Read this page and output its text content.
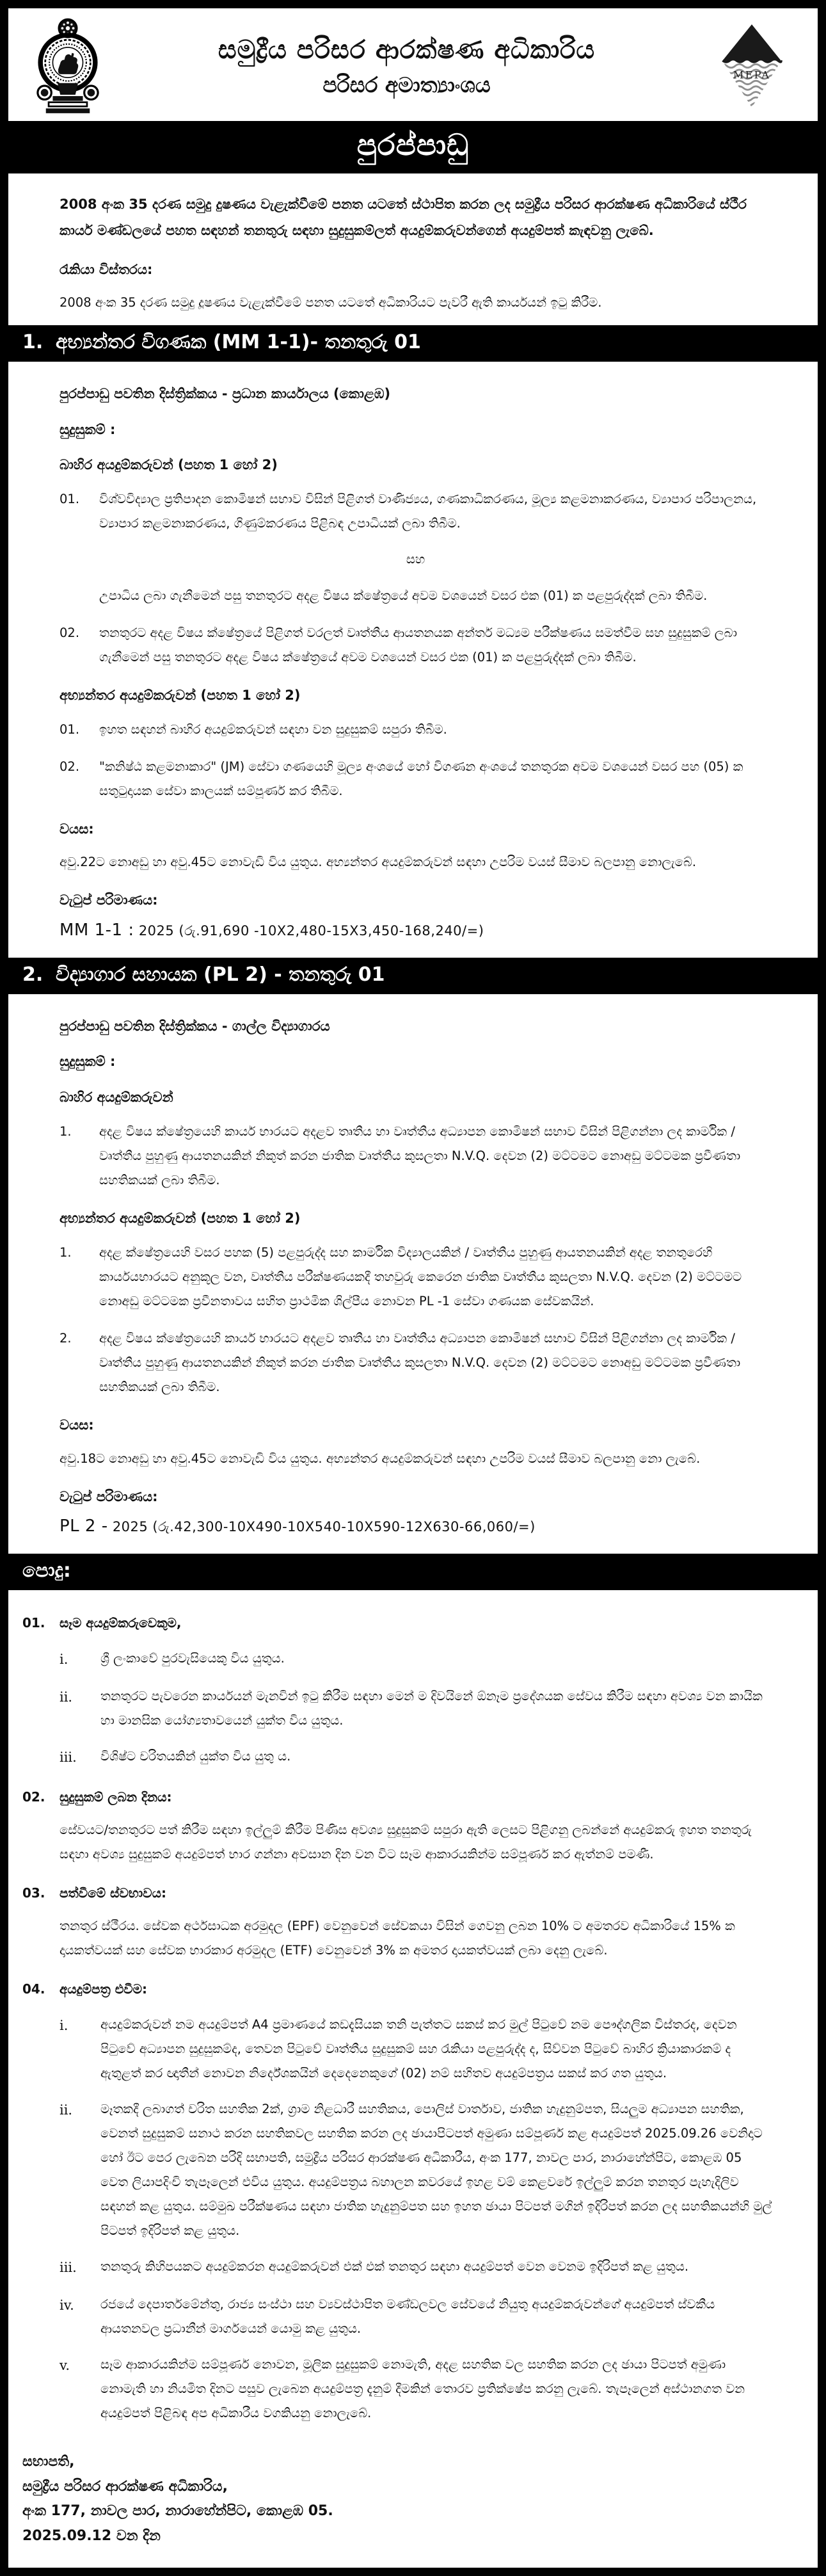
සමුද්‍රීය පරිසර ආරක්ෂණ අධිකාරිය
පරිසර අමාත්‍යාංශය	MEPA
පුරප්පාඩු

2008 අංක 35 දරණ සමුදු දුෂණය වැළැක්වීමේ පනත යටතේ ස්ථාපිත කරන ලද සමුද්‍රීය පරිසර ආරක්ෂණ අධිකාරියේ ස්ථීර කාර්ය මණ්ඩලයේ පහත සඳහන් තනතුරු සඳහා සුදුසුකම්ලත් අයදුම්කරුවන්ගෙන් අයදුම්පත් කැඳවනු ලැබේ.

රැකියා විස්තරය:

2008 අංක 35 දරණ සමුදු දූෂණය වැළැක්වීමේ පනත යටතේ අධිකාරියට පැවරී ඇති කාර්යයන් ඉටු කිරීම.

1. අභ්‍යන්තර විගණක (MM 1-1)- තනතුරු 01

පුරප්පාඩු පවතින දිස්ත්‍රික්කය - ප්‍රධාන කාර්යාලය (කොළඹ)

සුදුසුකම් :

බාහිර අයදුම්කරුවන් (පහත 1 හෝ 2)

01.	විශ්වවිද්‍යාල ප්‍රතිපාදන කොමිෂන් සභාව විසින් පිළිගත් වාණිජ්‍යය, ගණකාධිකරණය, මූල්‍ය කළමනාකරණය, ව්‍යාපාර පරිපාලනය, ව්‍යාපාර කළමනාකරණය, ගිණුම්කරණය පිළිබඳ උපාධියක් ලබා තිබීම.

සහ

උපාධිය ලබා ගැනීමෙන් පසු තනතුරට අදළ විෂය ක්ෂේත්‍රයේ අවම වශයෙන් වසර එක (01) ක පළපුරුද්දක් ලබා තිබීම.

02.	තනතුරට අදළ විෂය ක්ෂේත්‍රයේ පිළිගත් වරලත් වෘත්තීය ආයතනයක අන්තර් මධ්‍යම පරීක්ෂණය සමත්වීම සහ සුදුසුකම් ලබා ගැනීමෙන් පසු තනතුරට අදළ විෂය ක්ෂේත්‍රයේ අවම වශයෙන් වසර එක (01) ක පළපුරුද්දක් ලබා තිබීම.

අභ්‍යන්තර අයදුම්කරුවන් (පහත 1 හෝ 2)

01.	ඉහත සඳහන් බාහිර අයදුම්කරුවන් සඳහා වන සුදුසුකම් සපුරා තිබීම.
02.	"කනිෂ්ඨ කළමනාකාර" (JM) සේවා ගණයෙහි මූල්‍ය අංශයේ හෝ විගණන අංශයේ තනතුරක අවම වශයෙන් වසර පහ (05) ක සතුටුදායක සේවා කාලයක් සම්පූර්ණ කර තිබීම.

වයස:

අවු.22ට නොඅඩු හා අවු.45ට නොවැඩි විය යුතුය. අභ්‍යන්තර අයදුම්කරුවන් සඳහා උපරිම වයස් සීමාව බලපානු නොලැබේ.

වැටුප් පරිමාණය:

MM 1-1 : 2025 (රු.91,690 -10X2,480-15X3,450-168,240/=)

2. විද්‍යාගාර සහායක (PL 2) - තනතුරු 01

පුරප්පාඩු පවතින දිස්ත්‍රික්කය - ගාල්ල විද්‍යාගාරය

සුදුසුකම් :

බාහිර අයදුම්කරුවන්

1.	අදළ විෂය ක්ෂේත්‍රයෙහි කාර්ය භාරයට අදළව තෘතීය හා වෘත්තීය අධ්‍යාපන කොමිෂන් සභාව විසින් පිළිගන්නා ලද කාර්මික / වෘත්තීය පුහුණු ආයතනයකින් නිකුත් කරන ජාතික වෘත්තීය කුසලතා N.V.Q. දෙවන (2) මට්ටමට නොඅඩු මට්ටමක ප්‍රවීණතා සහතිකයක් ලබා තිබීම.

අභ්‍යන්තර අයදුම්කරුවන් (පහත 1 හෝ 2)

1.	අදළ ක්ෂේත්‍රයෙහි වසර පහක (5) පළපුරුද්ද සහ කාර්මික විද්‍යාලයකින් / වෘත්තීය පුහුණු ආයතනයකින් අදළ තනතුරෙහි කාර්යයභාරයට අනුකූල වන, වෘත්තීය පරීක්ෂණයකදී තහවුරු කෙරෙන ජාතික වෘත්තීය කුසලතා N.V.Q. දෙවන (2) මට්ටමට නොඅඩු මට්ටමක ප්‍රවීනතාවය සහිත ප්‍රාථමික ශිල්පීය නොවන PL -1 සේවා ගණයක සේවකයින්.
2.	අදළ විෂය ක්ෂේත්‍රයෙහි කාර්ය භාරයට අදළව තෘතීය හා වෘත්තීය අධ්‍යාපන කොමිෂන් සභාව විසින් පිළිගන්නා ලද කාර්මික / වෘත්තීය පුහුණු ආයතනයකින් නිකුත් කරන ජාතික වෘත්තීය කුසලතා N.V.Q. දෙවන (2) මට්ටමට නොඅඩු මට්ටමක ප්‍රවීණතා සහතිකයක් ලබා තිබීම.

වයස:

අවු.18ට නොඅඩු හා අවු.45ට නොවැඩි විය යුතුය. අභ්‍යන්තර අයදුම්කරුවන් සඳහා උපරිම වයස් සීමාව බලපානු නො ලැබේ.

වැටුප් පරිමාණය:

PL 2 - 2025 (රු.42,300-10X490-10X540-10X590-12X630-66,060/=)

පොදු:
01.	සෑම අයදුම්කරුවෙකුම,
i.	ශ්‍රී ලංකාවේ පුරවැසියෙකු විය යුතුය.
ii.	තනතුරට පැවරෙන කාර්යයන් මැනවින් ඉටු කිරීම සඳහා මෙන් ම දිවයිනේ ඕනෑම ප්‍රදේශයක සේවය කිරීම සඳහා අවශ්‍ය වන කායික හා මානසික යෝග්‍යතාවයෙන් යුක්ත විය යුතුය.
iii.	විශිෂ්ට චරිතයකින් යුක්ත විය යුතු ය.
02.	සුදුසුකම් ලබන දිනය:

සේවයට/තනතුරට පත් කිරීම සඳහා ඉල්ලුම් කිරීම පිණිස අවශ්‍ය සුදුසුකම් සපුරා ඇති ලෙසට පිළිගනු ලබන්නේ අයදුම්කරු ඉහත තනතුරු සඳහා අවශ්‍ය සුදුසුකම් අයදුම්පත් භාර ගන්නා අවසාන දින වන විට සෑම ආකාරයකින්ම සම්පූර්ණ කර ඇත්නම් පමණී.

03.	පත්වීමේ ස්වභාවය:

තනතුර ස්ථීරය. සේවක අර්ථසාධක අරමුදල (EPF) වෙනුවෙන් සේවකයා විසින් ගෙවනු ලබන 10% ට අමතරව අධිකාරියේ 15% ක දායකත්වයක් සහ සේවක භාරකාර අරමුදල (ETF) වෙනුවෙන් 3% ක අමතර දායකත්වයක් ලබා දෙනු ලැබේ.

04.	අයදුම්පත්‍ර එවීම:
i.	අයදුම්කරුවන් නම අයදුම්පත් A4 ප්‍රමාණයේ කඩදැසියක තනි පැත්තට සකස් කර මුල් පිටුවේ නම පෞද්ගලික විස්තරද, දෙවන පිටුවේ අධ්‍යාපන සුදුසුකම්ද, තෙවන පිටුවේ වෘත්තීය සුදුසුකම් සහ රැකියා පළපුරුද්ද ද, සිව්වන පිටුවේ බාහිර ක්‍රියාකාරකම් ද ඇතුළත් කර ඥාතීන් නොවන නිර්දේශකයින් දෙදෙනෙකුගේ (02) නම් සහිතව අයදුම්පත්‍රය සකස් කර ගත යුතුය.
ii.	මෑතකදී ලබාගත් චරිත සහතික 2ක්, ග්‍රාම නිළධාරී සහතිකය, පොලිස් වාර්තාව, ජාතික හැදුනුම්පත, සියලුම අධ්‍යාපන සහතික, වෙනත් සුදුසුකම් සනාථ කරන සහතිකවල සහතික කරන ලද ඡායාපිටපත් අමුණා සම්පූර්ණ කළ අයදුම්පත් 2025.09.26 වෙනිදාට හෝ ඊට පෙර ලැබෙන පරිදි සභාපති, සමුද්‍රීය පරිසර ආරක්ෂණ අධිකාරීය, අංක 177, නාවල පාර, නාරාහේන්පිට, කොළඹ 05 වෙත ලියාපදිංචි තැපෑලෙන් එවිය යුතුය. අයදුම්පත්‍රය බහාලන කවරයේ ඉහළ වම් කෙළවරේ ඉල්ලුම් කරන තනතුර පැහැදිලිව සඳහන් කළ යුතුය. සම්මුඛ පරීක්ෂණය සඳහා ජාතික හැදුනුම්පත සහ ඉහත ඡායා පිටපත් මගින් ඉදිරිපත් කරන ලද සහතිකයන්හි මුල් පිටපත් ඉදිරිපත් කළ යුතුය.
iii.	තනතුරු කිහිපයකට අයදුම්කරන අයදුම්කරුවන් එක් එක් තනතුර සඳහා අයදුම්පත් වෙන වෙනම ඉදිරිපත් කළ යුතුය.
iv.	රජයේ දෙපාර්තමේන්තු, රාජ්‍ය සංස්ථා සහ ව්‍යවස්ථාපිත මණ්ඩලවල සේවයේ නියුතු අයදුම්කරුවන්ගේ අයදුම්පත් ස්වකීය ආයතනවල ප්‍රධානීන් මාර්ගයෙන් යොමු කළ යුතුය.
v.	සෑම ආකාරයකින්ම සම්පූර්ණ නොවන, මූලික සුදුසුකම් නොමැති, අදළ සහතික වල සහතික කරන ලද ඡායා පිටපත් අමුණා නොමැති හා නියමිත දිනට පසුව ලැබෙන අයදුම්පත්‍ර දැනුම් දීමකින් තොරව ප්‍රතික්ෂේප කරනු ලැබේ. තැපෑලෙන් අස්ථානගත වන අයදුම්පත් පිළිබඳ අප අධිකාරීය වගකියනු නොලැබේ.
සභාපති,
සමුද්‍රීය පරිසර ආරක්ෂණ අධිකාරිය,
අංක 177, නාවල පාර, නාරාහේන්පිට, කොළඹ 05.
2025.09.12 වන දින
